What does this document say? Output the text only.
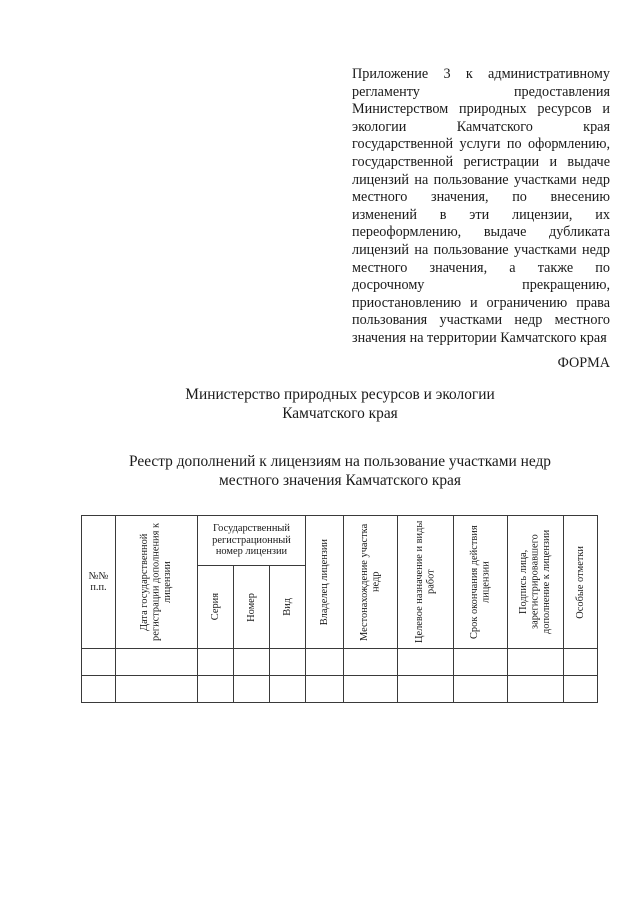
Приложение 3 к административному регламенту предоставления Министерством природных ресурсов и экологии Камчатского края государственной услуги по оформлению, государственной регистрации и выдаче лицензий на пользование участками недр местного значения, по внесению изменений в эти лицензии, их переоформлению, выдаче дубликата лицензий на пользование участками недр местного значения, а также по досрочному прекращению, приостановлению и ограничению права пользования участками недр местного значения на территории Камчатского края
ФОРМА
Министерство природных ресурсов и экологии
Камчатского края
Реестр дополнений к лицензиям на пользование участками недр
местного значения Камчатского края
№№ п.п.	Дата государственной регистрации дополнения к лицензии	Государственный регистрационный номер лицензии			Владелец лицензии	Местонахождение участка недр	Целевое назначение и виды работ	Срок окончания действия лицензии	Подпись лица, зарегистрировавшего дополнение к лицензии	Особые отметки

		Серия	Номер	Вид						
